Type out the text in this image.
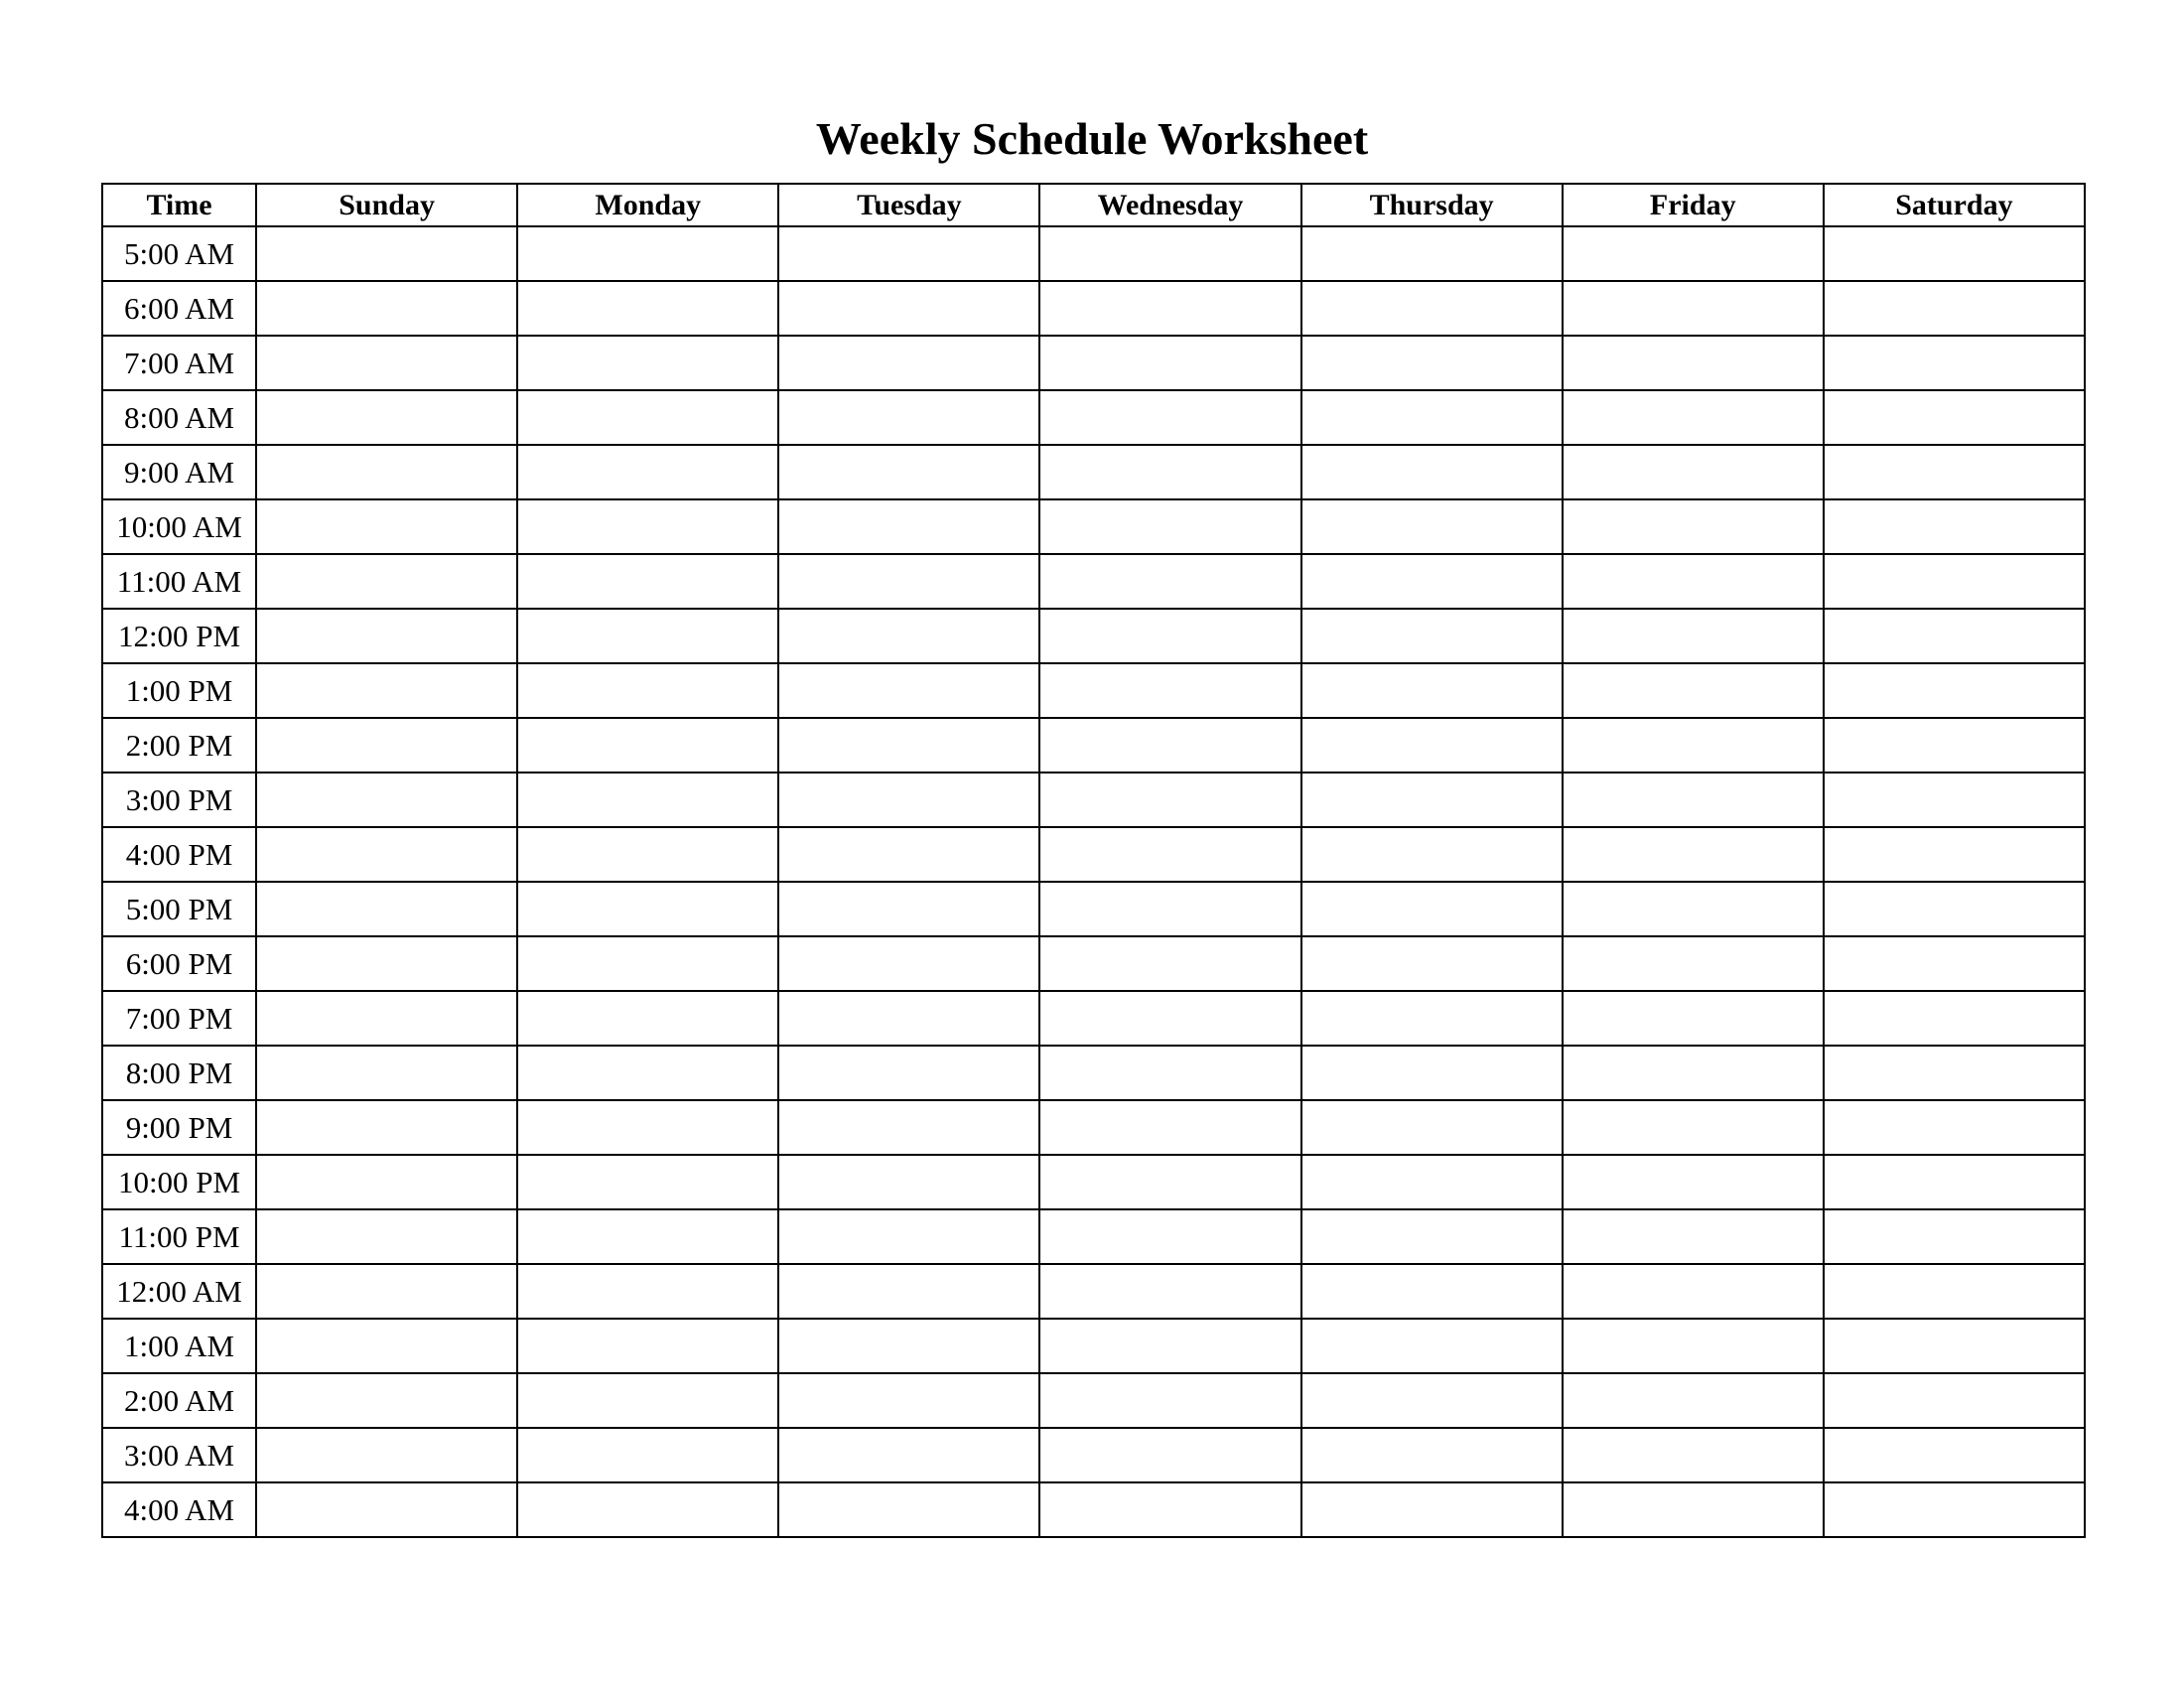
Weekly Schedule Worksheet
Time	Sunday	Monday	Tuesday	Wednesday	Thursday	Friday	Saturday
5:00 AM							
6:00 AM							
7:00 AM							
8:00 AM							
9:00 AM							
10:00 AM							
11:00 AM							
12:00 PM							
1:00 PM							
2:00 PM							
3:00 PM							
4:00 PM							
5:00 PM							
6:00 PM							
7:00 PM							
8:00 PM							
9:00 PM							
10:00 PM							
11:00 PM							
12:00 AM							
1:00 AM							
2:00 AM							
3:00 AM							
4:00 AM							
